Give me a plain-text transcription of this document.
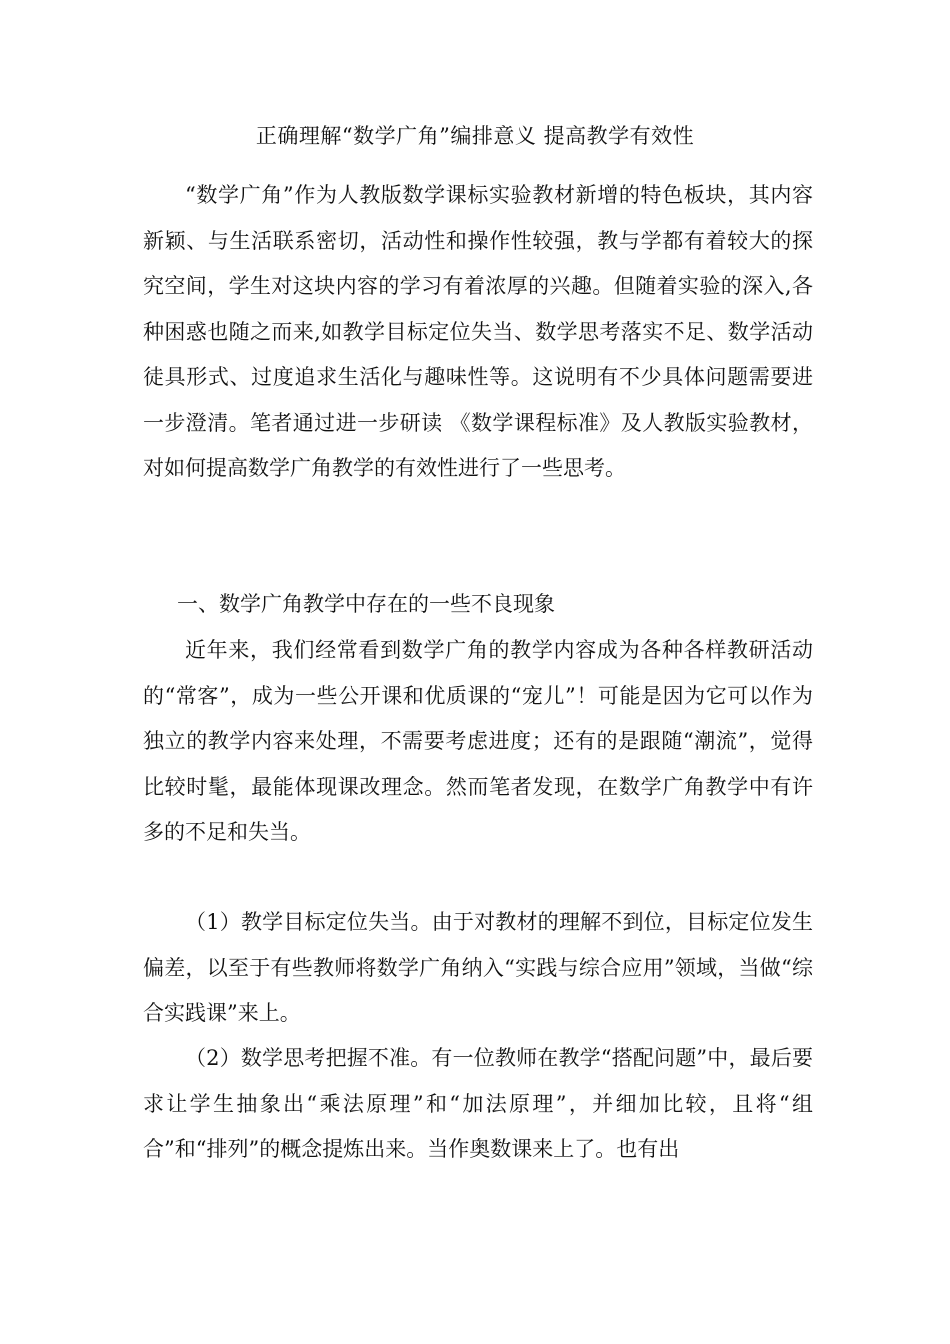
正确理解“数学广角”编排意义 提高教学有效性

“数学广角”作为人教版数学课标实验教材新增的特色板块，其内容新颖、与生活联系密切，活动性和操作性较强，教与学都有着较大的探究空间，学生对这块内容的学习有着浓厚的兴趣。但随着实验的深入,各种困惑也随之而来,如教学目标定位失当、数学思考落实不足、数学活动徒具形式、过度追求生活化与趣味性等。这说明有不少具体问题需要进一步澄清。笔者通过进一步研读 《数学课程标准》及人教版实验教材，对如何提高数学广角教学的有效性进行了一些思考。

一、数学广角教学中存在的一些不良现象

近年来，我们经常看到数学广角的教学内容成为各种各样教研活动的“常客”，成为一些公开课和优质课的“宠儿”！可能是因为它可以作为独立的教学内容来处理，不需要考虑进度；还有的是跟随“潮流”，觉得比较时髦，最能体现课改理念。然而笔者发现，在数学广角教学中有许多的不足和失当。

（1）教学目标定位失当。由于对教材的理解不到位，目标定位发生偏差，以至于有些教师将数学广角纳入“实践与综合应用”领域，当做“综合实践课”来上。

（2）数学思考把握不准。有一位教师在教学“搭配问题”中，最后要求让学生抽象出“乘法原理”和“加法原理”，并细加比较，且将“组合”和“排列”的概念提炼出来。当作奥数课来上了。也有出
